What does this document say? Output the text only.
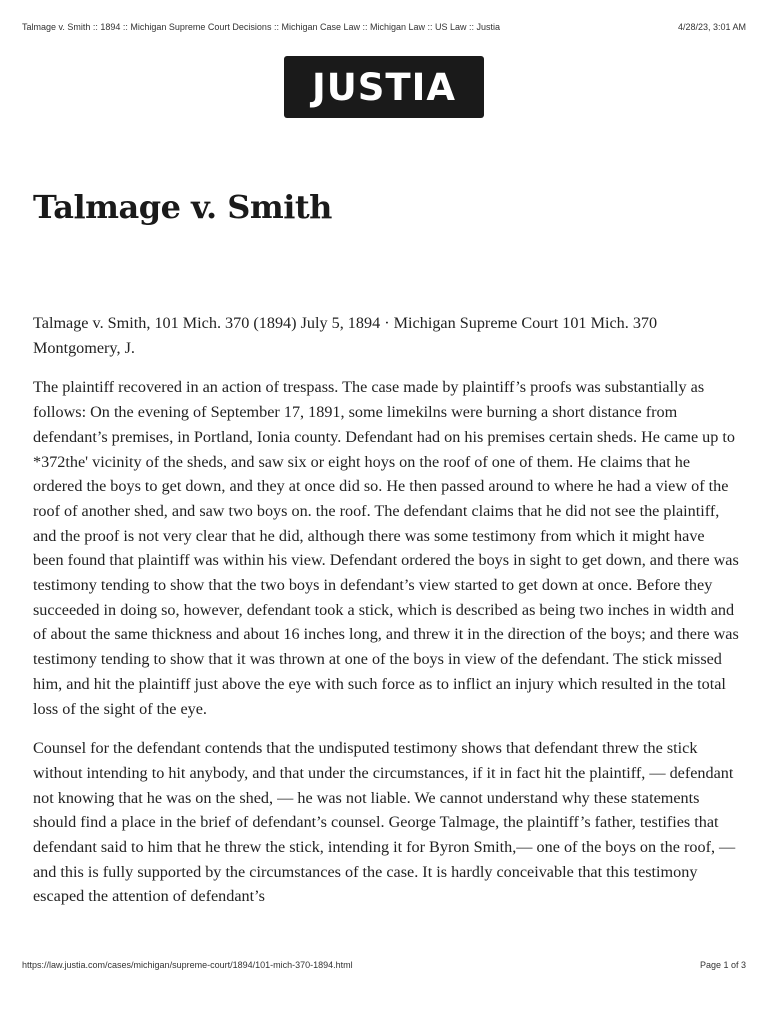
Talmage v. Smith :: 1894 :: Michigan Supreme Court Decisions :: Michigan Case Law :: Michigan Law :: US Law :: Justia	4/28/23, 3:01 AM
JUSTIA
Talmage v. Smith

Talmage v. Smith, 101 Mich. 370 (1894) July 5, 1894 · Michigan Supreme Court 101 Mich. 370 Montgomery, J.

The plaintiff recovered in an action of trespass. The case made by plaintiff’s proofs was substantially as follows: On the evening of September 17, 1891, some limekilns were burning a short distance from defendant’s premises, in Portland, Ionia county. Defendant had on his premises certain sheds. He came up to *372the' vicinity of the sheds, and saw six or eight hoys on the roof of one of them. He claims that he ordered the boys to get down, and they at once did so. He then passed around to where he had a view of the roof of another shed, and saw two boys on. the roof. The defendant claims that he did not see the plaintiff, and the proof is not very clear that he did, although there was some testimony from which it might have been found that plaintiff was within his view. Defendant ordered the boys in sight to get down, and there was testimony tending to show that the two boys in defendant’s view started to get down at once. Before they succeeded in doing so, however, defendant took a stick, which is described as being two inches in width and of about the same thickness and about 16 inches long, and threw it in the direction of the boys; and there was testimony tending to show that it was thrown at one of the boys in view of the defendant. The stick missed him, and hit the plaintiff just above the eye with such force as to inflict an injury which resulted in the total loss of the sight of the eye.

Counsel for the defendant contends that the undisputed testimony shows that defendant threw the stick without intending to hit anybody, and that under the circumstances, if it in fact hit the plaintiff, — defendant not knowing that he was on the shed, — he was not liable. We cannot understand why these statements should find a place in the brief of defendant’s counsel. George Talmage, the plaintiff’s father, testifies that defendant said to him that he threw the stick, intending it for Byron Smith,— one of the boys on the roof, — and this is fully supported by the circumstances of the case. It is hardly conceivable that this testimony escaped the attention of defendant’s

https://law.justia.com/cases/michigan/supreme-court/1894/101-mich-370-1894.html	Page 1 of 3
